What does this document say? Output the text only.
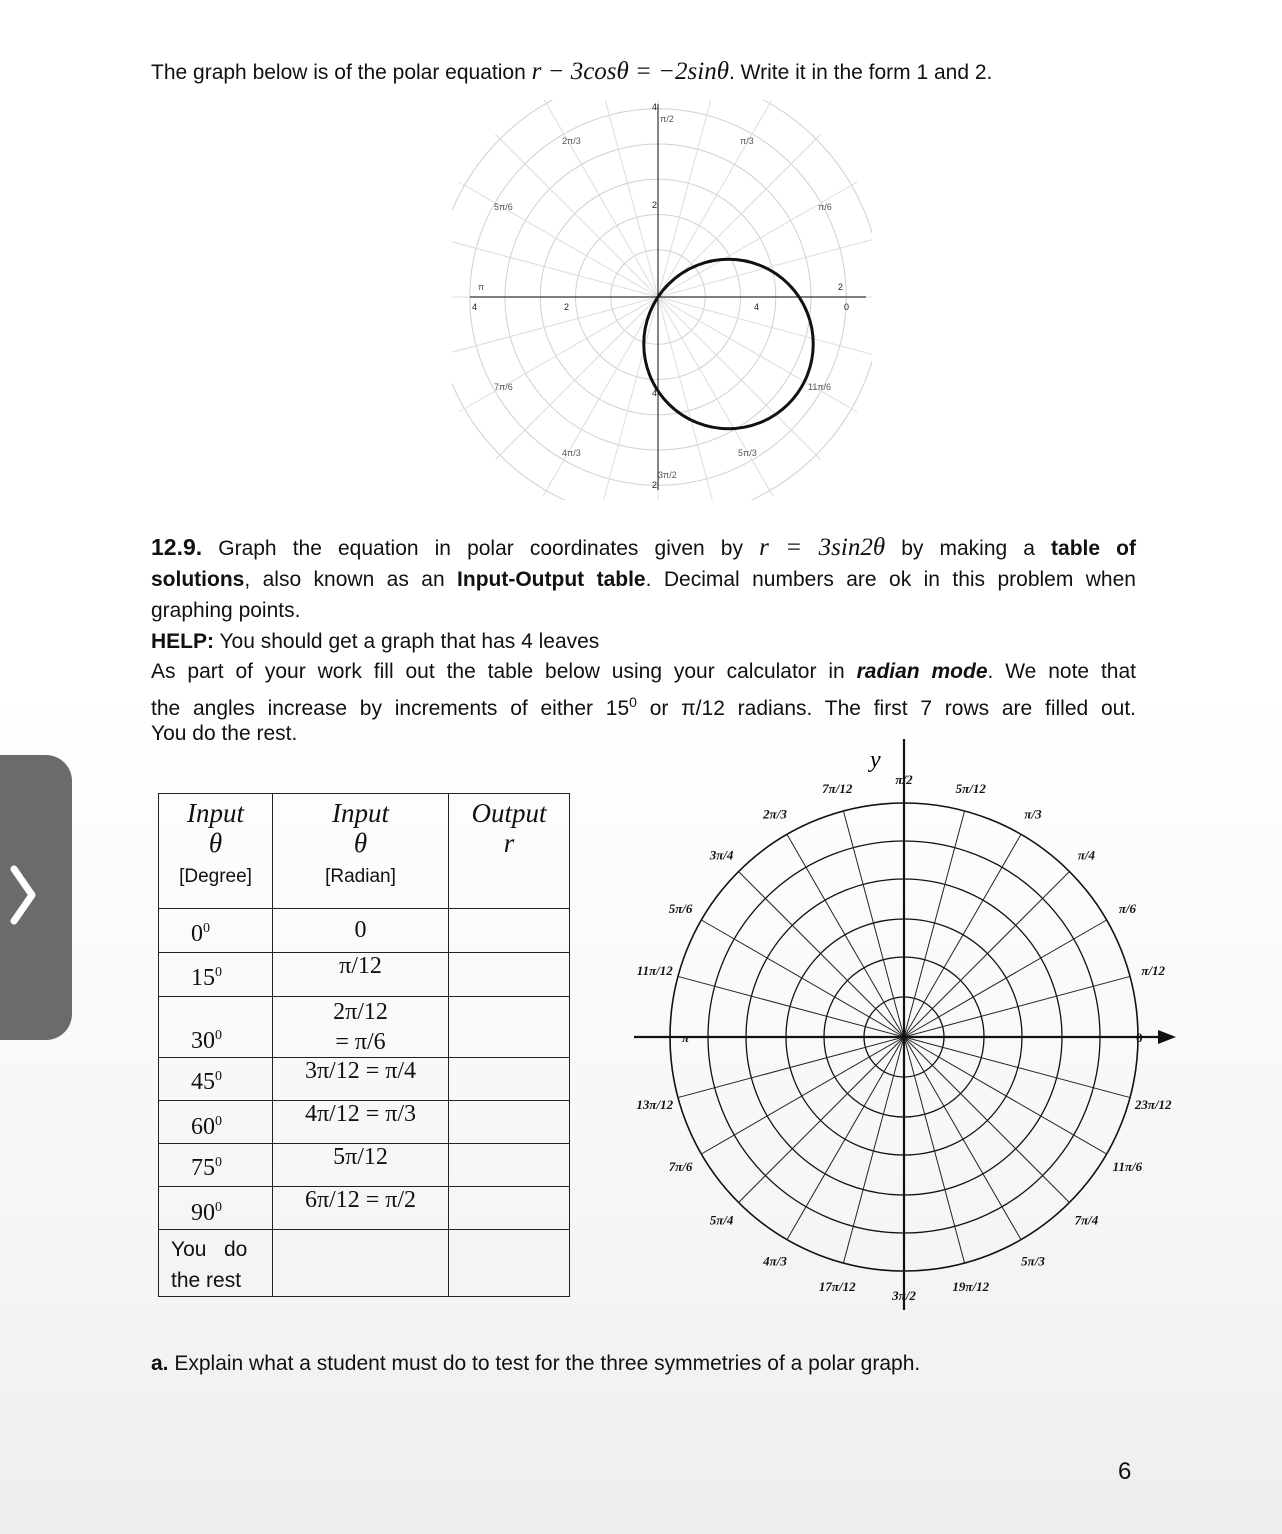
The graph below is of the polar equation r − 3cosθ = −2sinθ. Write it in the form 1 and 2.
4	2
2
4	0
2
4
2
4
π/2
π/3
2π/3
π/6
5π/6
π
7π/6	11π/6
4π/3	5π/3
3π/2
12.9. Graph the equation in polar coordinates given by r = 3sin2θ by making a table of
solutions, also known as an Input-Output table. Decimal numbers are ok in this problem when
graphing points.
HELP: You should get a graph that has 4 leaves
As part of your work fill out the table below using your calculator in radian mode. We note that
the angles increase by increments of either $15^0$ or π/12 radians. The first 7 rows are filled out.
You do the rest.
Input
θ
[Degree]	Input
θ
[Radian]	Output
r

$0^0$	0	
$15^0$	π/12	
$30^0$	2π/12
= π/6	
$45^0$	3π/12 = π/4	
$60^0$	4π/12 = π/3	
$75^0$	5π/12	
$90^0$	6π/12 = π/2	
You   do
the rest		
0
π
π/2
5π/12
π/3
π/4
π/6
π/12
23π/12
11π/6
7π/4
5π/3
19π/12
3π/2
17π/12
4π/3
5π/4
7π/6
13π/12
11π/12
5π/6
3π/4
2π/3
7π/12
y
a. Explain what a student must do to test for the three symmetries of a polar graph.
6
